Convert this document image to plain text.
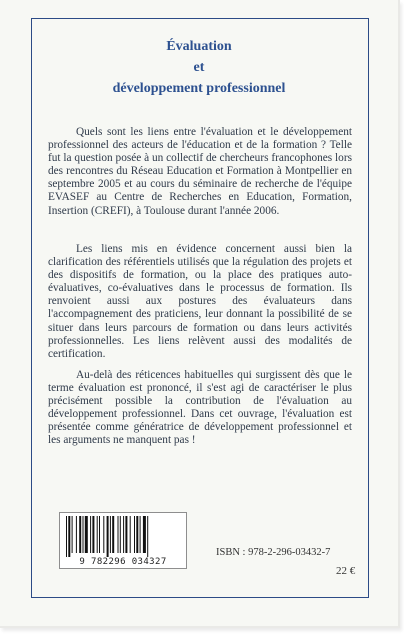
Évaluation
et
développement professionnel

Quels sont les liens entre l'évaluation et le développement professionnel des acteurs de l'éducation et de la formation ? Telle fut la question posée à un collectif de chercheurs francophones lors des rencontres du Réseau Education et Formation à Montpellier en septembre 2005 et au cours du séminaire de recherche de l'équipe EVASEF au Centre de Recherches en Education, Formation, Insertion (CREFI), à Toulouse durant l'année 2006.

Les liens mis en évidence concernent aussi bien la clarification des référentiels utilisés que la régulation des projets et des dispositifs de formation, ou la place des pratiques auto-évaluatives, co-évaluatives dans le processus de formation. Ils renvoient aussi aux postures des évaluateurs dans l'accompagnement des praticiens, leur donnant la possibilité de se situer dans leurs parcours de formation ou dans leurs activités professionnelles. Les liens relèvent aussi des modalités de certification.

Au-delà des réticences habituelles qui surgissent dès que le terme évaluation est prononcé, il s'est agi de caractériser le plus précisément possible la contribution de l'évaluation au développement professionnel. Dans cet ouvrage, l'évaluation est présentée comme génératrice de développement professionnel et les arguments ne manquent pas !

9 782296 034327
ISBN : 978-2-296-03432-7
22 €
